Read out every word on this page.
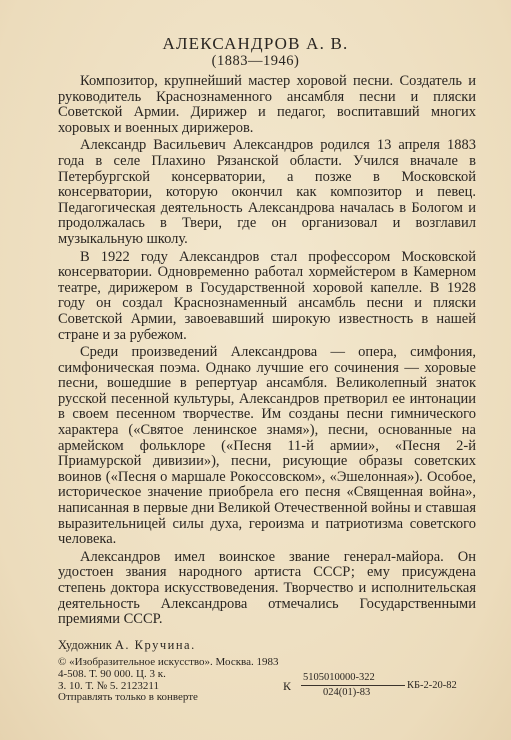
АЛЕКСАНДРОВ А. В.
(1883—1946)

Композитор, крупнейший мастер хоровой песни. Создатель и руководитель Краснознаменного ансамбля песни и пляски Советской Армии. Дирижер и педагог, воспитавший многих хоровых и военных дирижеров.

Александр Васильевич Александров родился 13 апреля 1883 года в селе Плахино Рязанской области. Учился вначале в Петербургской консерватории, а позже в Московской консерватории, которую окончил как композитор и певец. Педагогическая деятельность Александрова началась в Бологом и продолжалась в Твери, где он организовал и возглавил музыкальную школу.

В 1922 году Александров стал профессором Московской консерватории. Одновременно работал хормейстером в Камерном театре, дирижером в Государственной хоровой капелле. В 1928 году он создал Краснознаменный ансамбль песни и пляски Советской Армии, завоевавший широкую известность в нашей стране и за рубежом.

Среди произведений Александрова — опера, симфония, симфоническая поэма. Однако лучшие его сочинения — хоровые песни, вошедшие в репертуар ансамбля. Великолепный знаток русской песенной культуры, Александров претворил ее интонации в своем песенном творчестве. Им созданы песни гимнического характера («Святое ленинское знамя»), песни, основанные на армейском фольклоре («Песня 11-й армии», «Песня 2-й Приамурской дивизии»), песни, рисующие образы советских воинов («Песня о маршале Рокоссовском», «Эшелонная»). Особое, историческое значение приобрела его песня «Священная война», написанная в первые дни Великой Отечественной войны и ставшая выразительницей силы духа, героизма и патриотизма советского человека.

Александров имел воинское звание генерал-майора. Он удостоен звания народного артиста СССР; ему присуждена степень доктора искусствоведения. Творчество и исполнительская деятельность Александрова отмечались Государственными премиями СССР.

Художник А. Кручина.
© «Изобразительное искусство». Москва. 1983
4-508. Т. 90 000. Ц. 3 к.
З. 10. Т. № 5. 2123211
Отправлять только в конверте
К
5105010000-322
024(01)-83
КБ-2-20-82
